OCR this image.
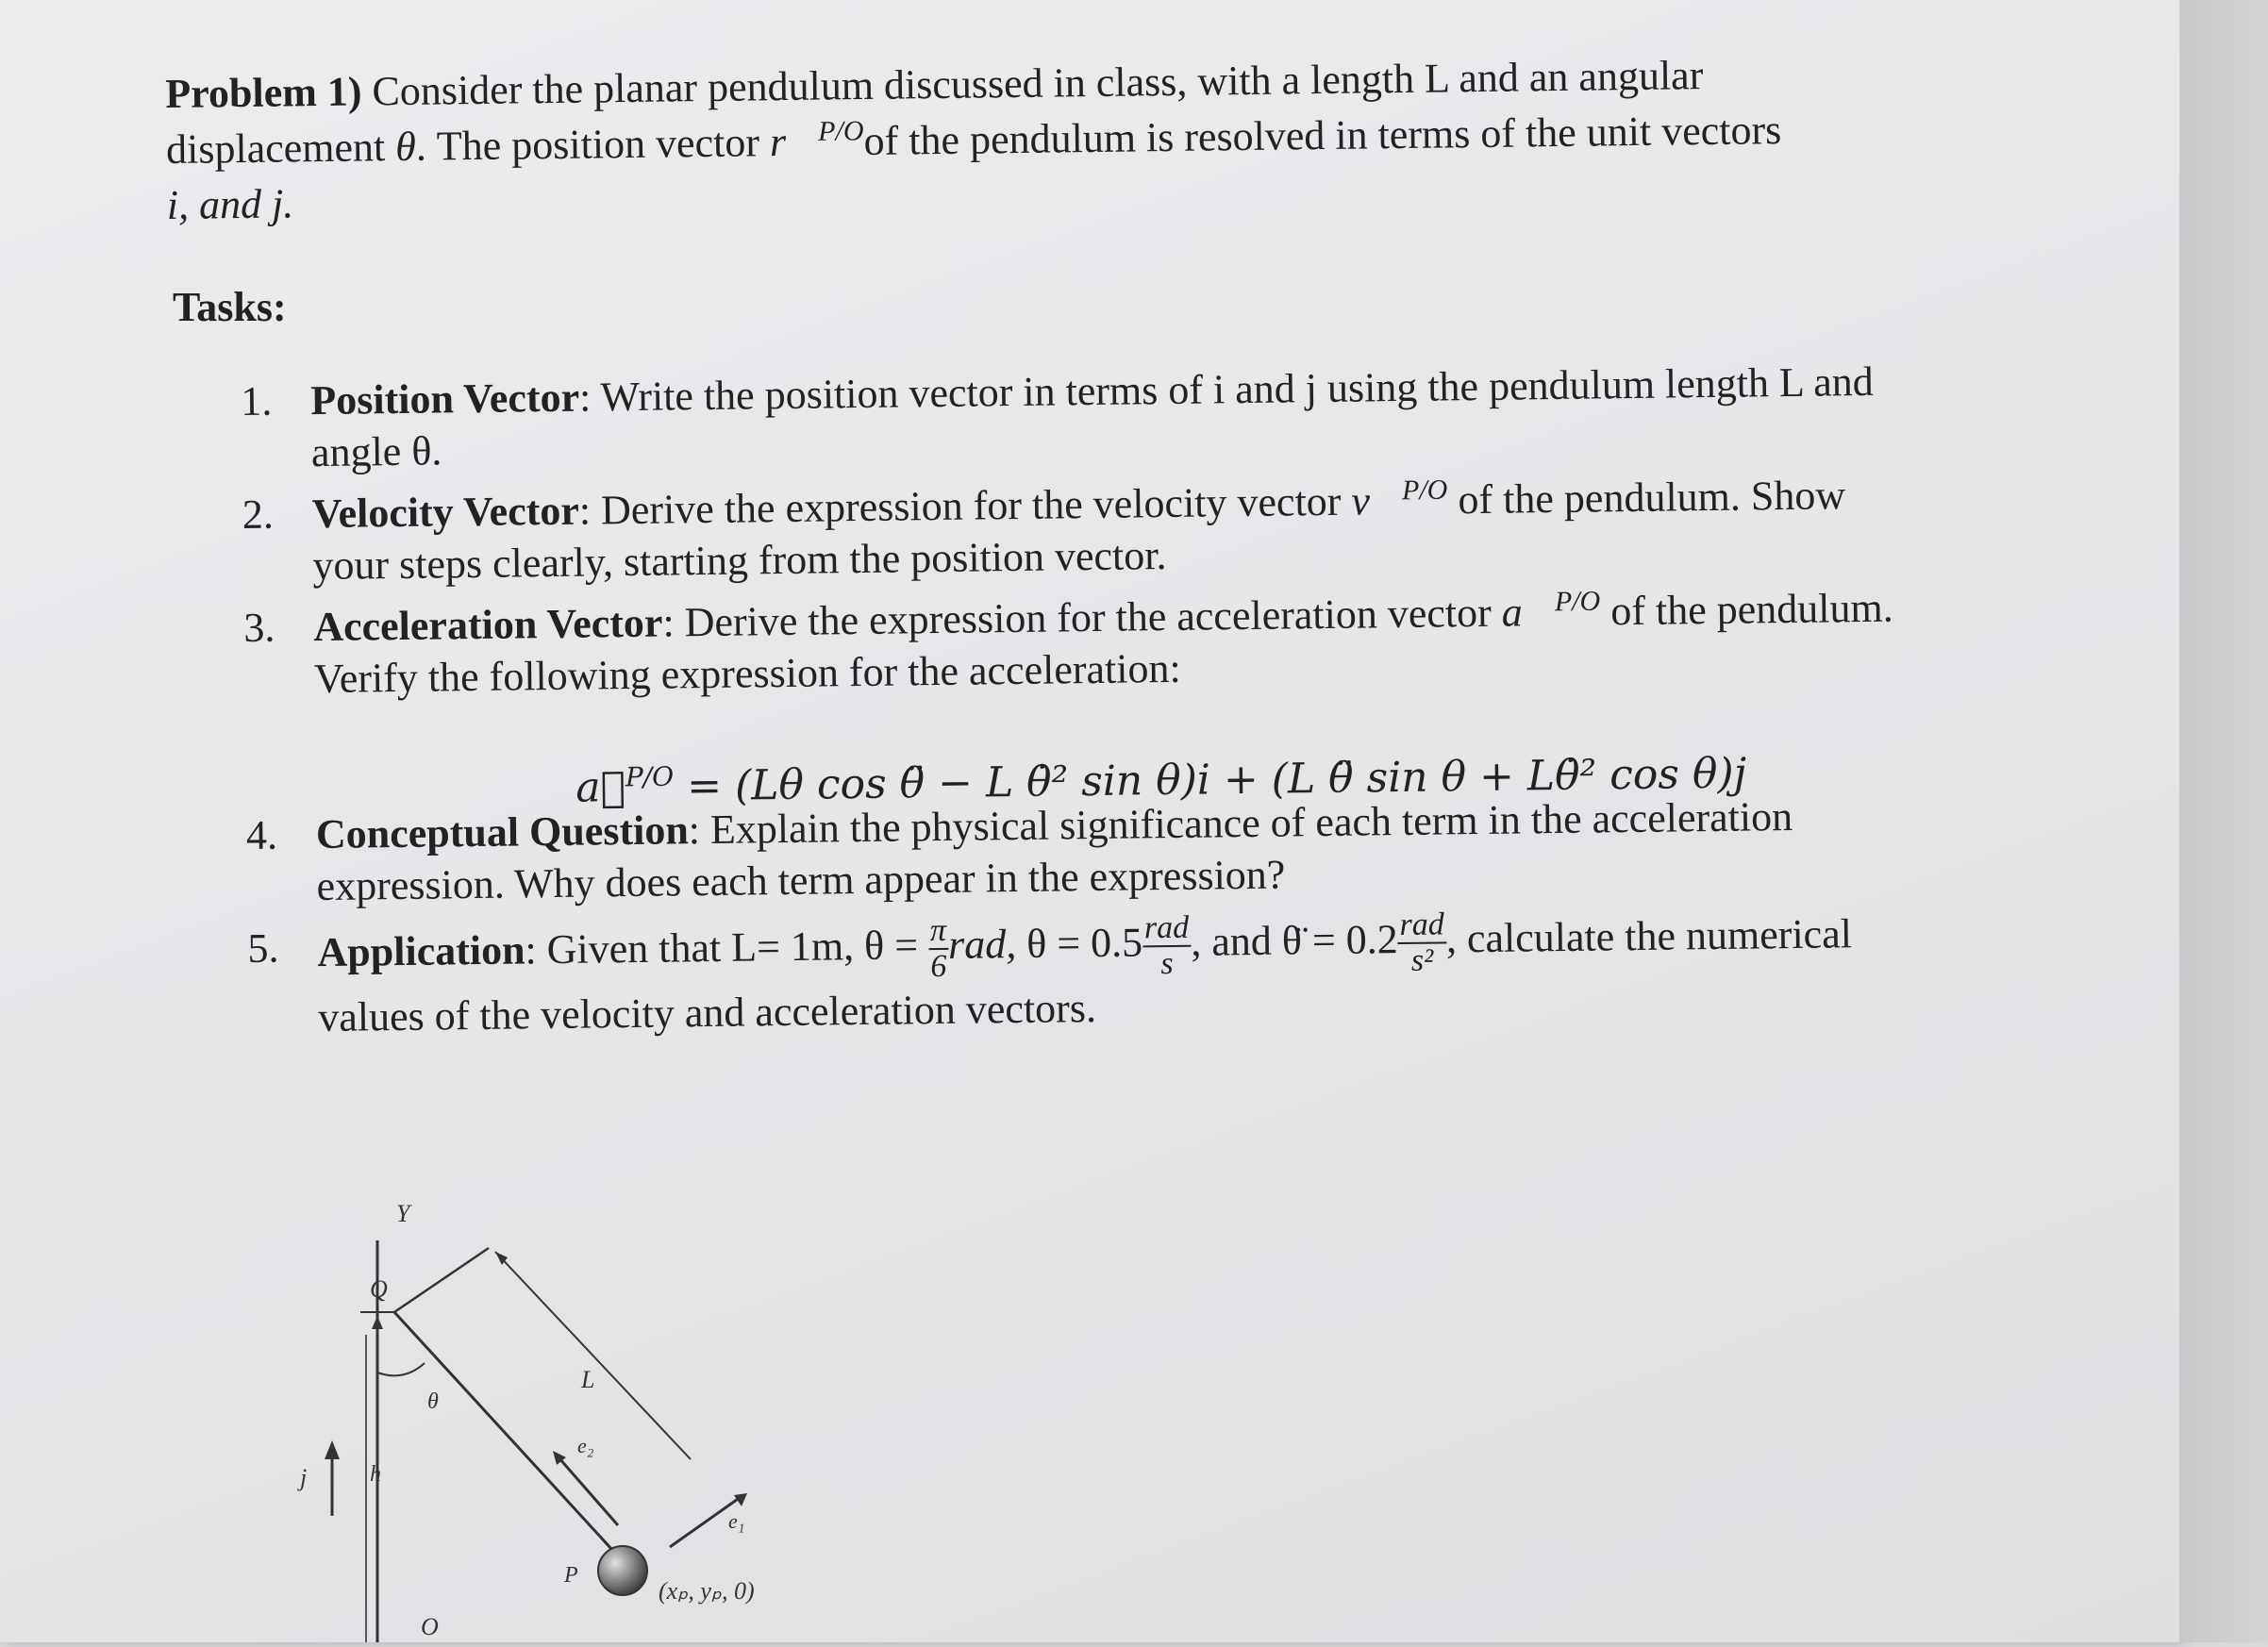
Problem 1) Consider the planar pendulum discussed in class, with a length L and an angular displacement θ. The position vector r⃗$^{P/O}$of the pendulum is resolved in terms of the unit vectors
i, and j.
Tasks:
1. Position Vector: Write the position vector in terms of i and j using the pendulum length L and angle θ.
2. Velocity Vector: Derive the expression for the velocity vector v⃗$^{P/O}$ of the pendulum. Show your steps clearly, starting from the position vector.
3. Acceleration Vector: Derive the expression for the acceleration vector a⃗$^{P/O}$ of the pendulum. Verify the following expression for the acceleration:
4. Conceptual Question: Explain the physical significance of each term in the acceleration expression. Why does each term appear in the expression?
5. Application: Given that L= 1m, $\theta = \frac{\pi}{6}$ rad, $\theta = 0.5 \frac{\text{rad}}{s}$ , and θ̈ = $0.2 \frac{\text{rad}}{\text{s²}}$ , calculate the numerical values of the velocity and acceleration vectors.
a⃗$^{P/O}$ = (Lθ cos θ̈ − L θ̇² sin θ)i + (L θ̈ sin θ + Lθ̇² cos θ)j
Y
Q
θ
L
e₂
e₁
j	h
P
O
(xₚ, yₚ, 0)
